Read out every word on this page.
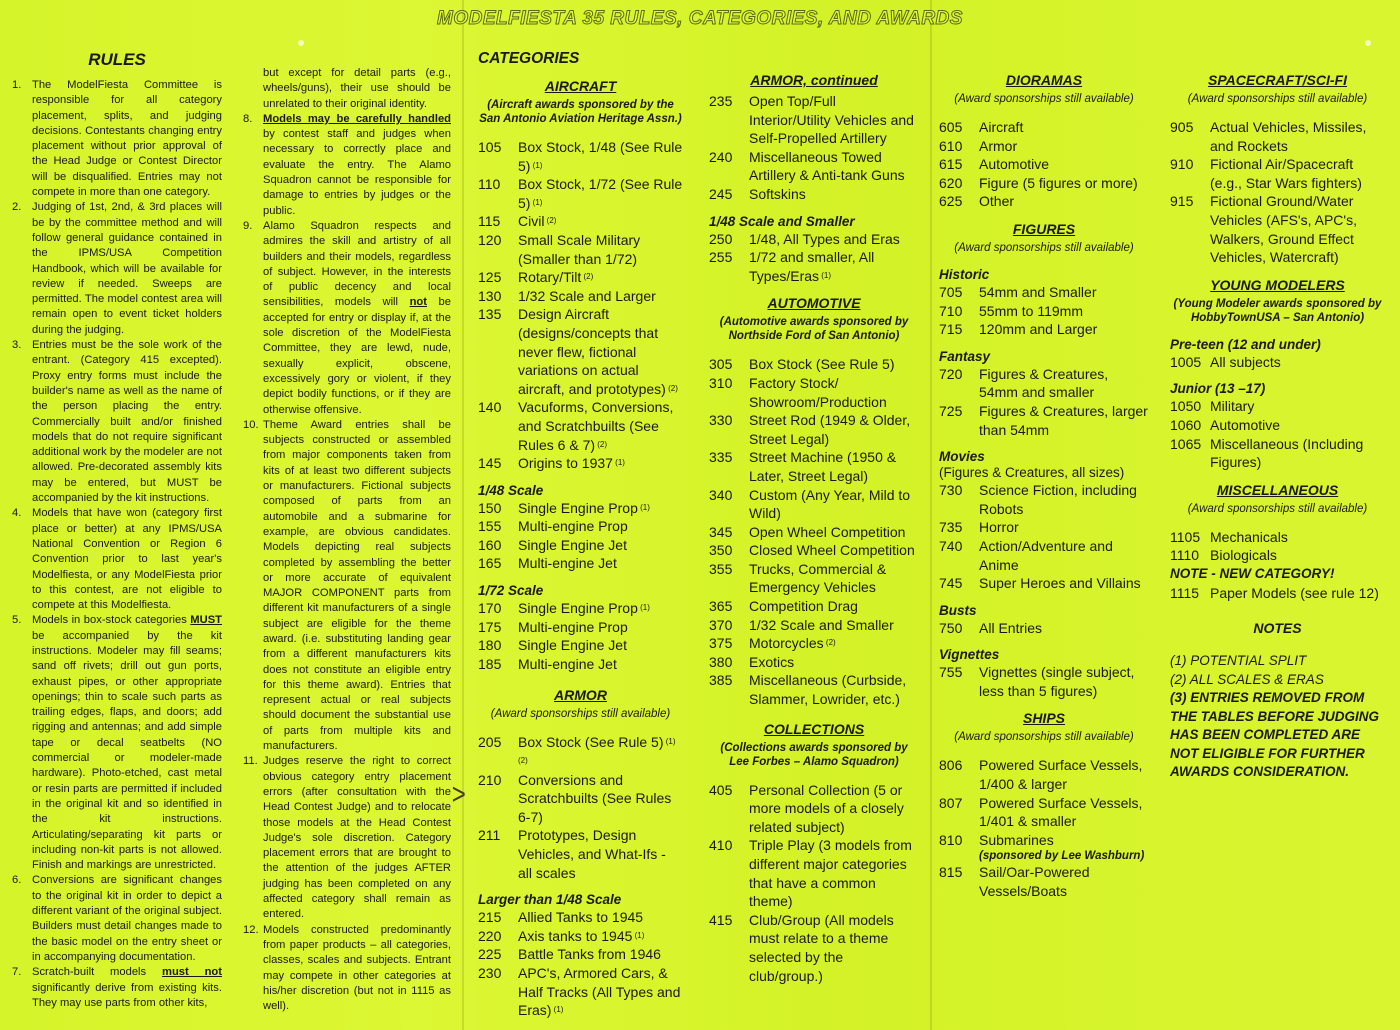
MODELFIESTA 35 RULES, CATEGORIES, AND AWARDS
RULES
1. The ModelFiesta Committee is responsible for all category placement, splits, and judging decisions. Contestants changing entry placement without prior approval of the Head Judge or Contest Director will be disqualified. Entries may not compete in more than one category.
2. Judging of 1st, 2nd, & 3rd places will be by the committee method and will follow general guidance contained in the IPMS/USA Competition Handbook, which will be available for review if needed. Sweeps are permitted. The model contest area will remain open to event ticket holders during the judging.
3. Entries must be the sole work of the entrant. (Category 415 excepted). Proxy entry forms must include the builder's name as well as the name of the person placing the entry. Commercially built and/or finished models that do not require significant additional work by the modeler are not allowed. Pre-decorated assembly kits may be entered, but MUST be accompanied by the kit instructions.
4. Models that have won (category first place or better) at any IPMS/USA National Convention or Region 6 Convention prior to last year's Modelfiesta, or any ModelFiesta prior to this contest, are not eligible to compete at this Modelfiesta.
5. Models in box-stock categories MUST be accompanied by the kit instructions. Modeler may fill seams; sand off rivets; drill out gun ports, exhaust pipes, or other appropriate openings; thin to scale such parts as trailing edges, flaps, and doors; add rigging and antennas; and add simple tape or decal seatbelts (NO commercial or modeler-made hardware). Photo-etched, cast metal or resin parts are permitted if included in the original kit and so identified in the kit instructions. Articulating/separating kit parts or including non-kit parts is not allowed. Finish and markings are unrestricted.
6. Conversions are significant changes to the original kit in order to depict a different variant of the original subject. Builders must detail changes made to the basic model on the entry sheet or in accompanying documentation.
7. Scratch-built models must not significantly derive from existing kits. They may use parts from other kits,

but except for detail parts (e.g., wheels/guns), their use should be unrelated to their original identity.

8. Models may be carefully handled by contest staff and judges when necessary to correctly place and evaluate the entry. The Alamo Squadron cannot be responsible for damage to entries by judges or the public.
9. Alamo Squadron respects and admires the skill and artistry of all builders and their models, regardless of subject. However, in the interests of public decency and local sensibilities, models will not be accepted for entry or display if, at the sole discretion of the ModelFiesta Committee, they are lewd, nude, sexually explicit, obscene, excessively gory or violent, if they depict bodily functions, or if they are otherwise offensive.
10. Theme Award entries shall be subjects constructed or assembled from major components taken from kits of at least two different subjects or manufacturers. Fictional subjects composed of parts from an automobile and a submarine for example, are obvious candidates. Models depicting real subjects completed by assembling the better or more accurate of equivalent MAJOR COMPONENT parts from different kit manufacturers of a single subject are eligible for the theme award. (i.e. substituting landing gear from a different manufacturers kits does not constitute an eligible entry for this theme award). Entries that represent actual or real subjects should document the substantial use of parts from multiple kits and manufacturers.
11. Judges reserve the right to correct obvious category entry placement errors (after consultation with the Head Contest Judge) and to relocate those models at the Head Contest Judge's sole discretion. Category placement errors that are brought to the attention of the judges AFTER judging has been completed on any affected category shall remain as entered.
12. Models constructed predominantly from paper products – all categories, classes, scales and subjects. Entrant may compete in other categories at his/her discretion (but not in 1115 as well).
CATEGORIES
AIRCRAFT
(Aircraft awards sponsored by the San Antonio Aviation Heritage Assn.)
105	Box Stock, 1/48 (See Rule 5) $^{(1)}$
110	Box Stock, 1/72 (See Rule 5) $^{(1)}$
115	Civil $^{(2)}$
120	Small Scale Military (Smaller than 1/72)
125	Rotary/Tilt $^{(2)}$
130	1/32 Scale and Larger
135	Design Aircraft (designs/concepts that never flew, fictional variations on actual aircraft, and prototypes) $^{(2)}$
140	Vacuforms, Conversions, and Scratchbuilts (See Rules 6 & 7) $^{(2)}$
145	Origins to 1937 $^{(1)}$
1/48 Scale
150	Single Engine Prop $^{(1)}$
155	Multi-engine Prop
160	Single Engine Jet
165	Multi-engine Jet
1/72 Scale
170	Single Engine Prop $^{(1)}$
175	Multi-engine Prop
180	Single Engine Jet
185	Multi-engine Jet
ARMOR
(Award sponsorships still available)
205	Box Stock (See Rule 5) $^{(1) (2)}$
210	Conversions and Scratchbuilts (See Rules 6-7)
211	Prototypes, Design Vehicles, and What-Ifs - all scales
Larger than 1/48 Scale
215	Allied Tanks to 1945
220	Axis tanks to 1945 $^{(1)}$
225	Battle Tanks from 1946
230	APC's, Armored Cars, & Half Tracks (All Types and Eras) $^{(1)}$
ARMOR, continued
235	Open Top/Full Interior/Utility Vehicles and Self-Propelled Artillery
240	Miscellaneous Towed Artillery & Anti-tank Guns
245	Softskins
1/48 Scale and Smaller
250	1/48, All Types and Eras
255	1/72 and smaller, All Types/Eras $^{(1)}$
AUTOMOTIVE
(Automotive awards sponsored by Northside Ford of San Antonio)
305	Box Stock (See Rule 5)
310	Factory Stock/ Showroom/Production
330	Street Rod (1949 & Older, Street Legal)
335	Street Machine (1950 & Later, Street Legal)
340	Custom (Any Year, Mild to Wild)
345	Open Wheel Competition
350	Closed Wheel Competition
355	Trucks, Commercial & Emergency Vehicles
365	Competition Drag
370	1/32 Scale and Smaller
375	Motorcycles $^{(2)}$
380	Exotics
385	Miscellaneous (Curbside, Slammer, Lowrider, etc.)
COLLECTIONS
(Collections awards sponsored by Lee Forbes – Alamo Squadron)
405	Personal Collection (5 or more models of a closely related subject)
410	Triple Play (3 models from different major categories that have a common theme)
415	Club/Group (All models must relate to a theme selected by the club/group.)
DIORAMAS
(Award sponsorships still available)
605	Aircraft
610	Armor
615	Automotive
620	Figure (5 figures or more)
625	Other
FIGURES
(Award sponsorships still available)
Historic
705	54mm and Smaller
710	55mm to 119mm
715	120mm and Larger
Fantasy
720	Figures & Creatures, 54mm and smaller
725	Figures & Creatures, larger than 54mm
Movies
(Figures & Creatures, all sizes)
730	Science Fiction, including Robots
735	Horror
740	Action/Adventure and Anime
745	Super Heroes and Villains
Busts
750	All Entries
Vignettes
755	Vignettes (single subject, less than 5 figures)
SHIPS
(Award sponsorships still available)
806	Powered Surface Vessels, 1/400 & larger
807	Powered Surface Vessels, 1/401 & smaller
810	Submarines
(sponsored by Lee Washburn)
815	Sail/Oar-Powered Vessels/Boats
SPACECRAFT/SCI-FI
(Award sponsorships still available)
905	Actual Vehicles, Missiles, and Rockets
910	Fictional Air/Spacecraft (e.g., Star Wars fighters)
915	Fictional Ground/Water Vehicles (AFS's, APC's, Walkers, Ground Effect Vehicles, Watercraft)
YOUNG MODELERS
(Young Modeler awards sponsored by HobbyTownUSA – San Antonio)
Pre-teen (12 and under)
1005 All subjects
Junior (13 –17)
1050 Military
1060 Automotive
1065 Miscellaneous (Including Figures)
MISCELLANEOUS
(Award sponsorships still available)
1105 Mechanicals
1110 Biologicals
NOTE - NEW CATEGORY!
1115 Paper Models (see rule 12)
NOTES
(1) POTENTIAL SPLIT
(2) ALL SCALES & ERAS
(3) ENTRIES REMOVED FROM THE TABLES BEFORE JUDGING HAS BEEN COMPLETED ARE NOT ELIGIBLE FOR FURTHER AWARDS CONSIDERATION.
>
